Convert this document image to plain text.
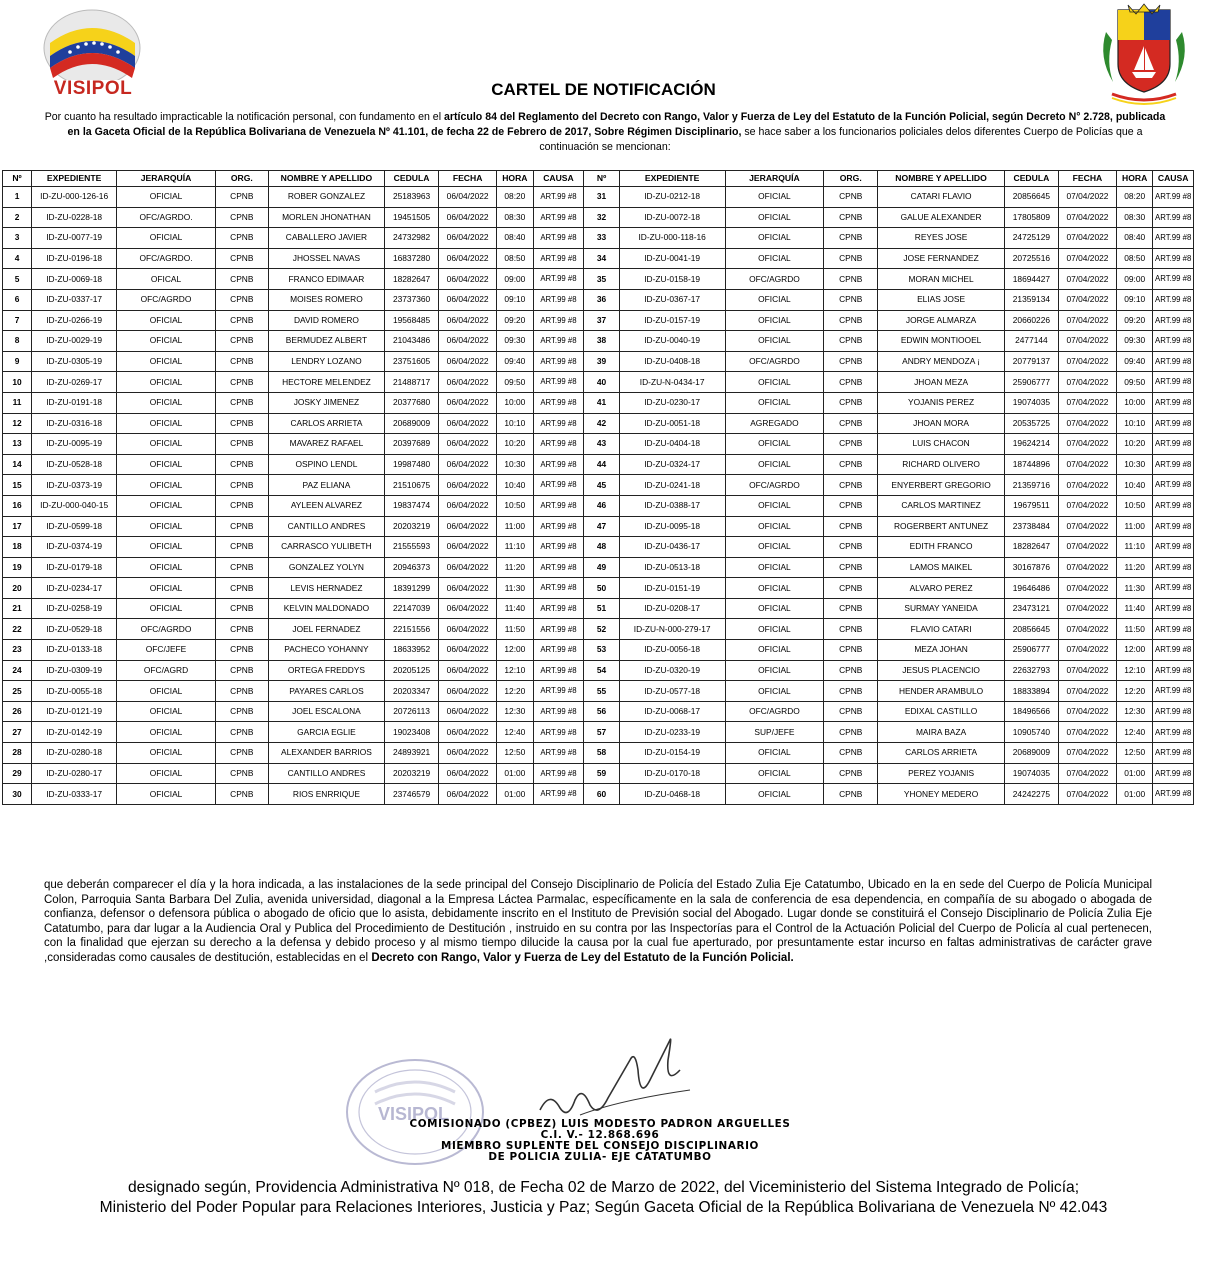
VISIPOL	CARTEL DE NOTIFICACIÓN
Por cuanto ha resultado impracticable la notificación personal, con fundamento en el artículo 84 del Reglamento del Decreto con Rango, Valor y Fuerza de Ley del Estatuto de la Función Policial, según Decreto N° 2.728, publicada en la Gaceta Oficial de la República Bolivariana de Venezuela Nº 41.101, de fecha 22 de Febrero de 2017, Sobre Régimen Disciplinario, se hace saber a los funcionarios policiales delos diferentes Cuerpo de Policías que a continuación se mencionan:
Nº	EXPEDIENTE	JERARQUÍA	ORG.	NOMBRE Y APELLIDO	CEDULA	FECHA	HORA	CAUSA	Nº	EXPEDIENTE	JERARQUÍA	ORG.	NOMBRE Y APELLIDO	CEDULA	FECHA	HORA	CAUSA
1	ID-ZU-000-126-16	OFICIAL	CPNB	ROBER GONZALEZ	25183963	06/04/2022	08:20	ART.99 #8	31	ID-ZU-0212-18	OFICIAL	CPNB	CATARI FLAVIO	20856645	07/04/2022	08:20	ART.99 #8
2	ID-ZU-0228-18	OFC/AGRDO.	CPNB	MORLEN JHONATHAN	19451505	06/04/2022	08:30	ART.99 #8	32	ID-ZU-0072-18	OFICIAL	CPNB	GALUE ALEXANDER	17805809	07/04/2022	08:30	ART.99 #8
3	ID-ZU-0077-19	OFICIAL	CPNB	CABALLERO JAVIER	24732982	06/04/2022	08:40	ART.99 #8	33	ID-ZU-000-118-16	OFICIAL	CPNB	REYES JOSE	24725129	07/04/2022	08:40	ART.99 #8
4	ID-ZU-0196-18	OFC/AGRDO.	CPNB	JHOSSEL NAVAS	16837280	06/04/2022	08:50	ART.99 #8	34	ID-ZU-0041-19	OFICIAL	CPNB	JOSE FERNANDEZ	20725516	07/04/2022	08:50	ART.99 #8
5	ID-ZU-0069-18	OFICAL	CPNB	FRANCO EDIMAAR	18282647	06/04/2022	09:00	ART.99 #8	35	ID-ZU-0158-19	OFC/AGRDO	CPNB	MORAN MICHEL	18694427	07/04/2022	09:00	ART.99 #8
6	ID-ZU-0337-17	OFC/AGRDO	CPNB	MOISES ROMERO	23737360	06/04/2022	09:10	ART.99 #8	36	ID-ZU-0367-17	OFICIAL	CPNB	ELIAS JOSE	21359134	07/04/2022	09:10	ART.99 #8
7	ID-ZU-0266-19	OFICIAL	CPNB	DAVID ROMERO	19568485	06/04/2022	09:20	ART.99 #8	37	ID-ZU-0157-19	OFICIAL	CPNB	JORGE ALMARZA	20660226	07/04/2022	09:20	ART.99 #8
8	ID-ZU-0029-19	OFICIAL	CPNB	BERMUDEZ ALBERT	21043486	06/04/2022	09:30	ART.99 #8	38	ID-ZU-0040-19	OFICIAL	CPNB	EDWIN MONTIOOEL	2477144	07/04/2022	09:30	ART.99 #8
9	ID-ZU-0305-19	OFICIAL	CPNB	LENDRY LOZANO	23751605	06/04/2022	09:40	ART.99 #8	39	ID-ZU-0408-18	OFC/AGRDO	CPNB	ANDRY MENDOZA ¡	20779137	07/04/2022	09:40	ART.99 #8
10	ID-ZU-0269-17	OFICIAL	CPNB	HECTORE MELENDEZ	21488717	06/04/2022	09:50	ART.99 #8	40	ID-ZU-N-0434-17	OFICIAL	CPNB	JHOAN MEZA	25906777	07/04/2022	09:50	ART.99 #8
11	ID-ZU-0191-18	OFICIAL	CPNB	JOSKY JIMENEZ	20377680	06/04/2022	10:00	ART.99 #8	41	ID-ZU-0230-17	OFICIAL	CPNB	YOJANIS PEREZ	19074035	07/04/2022	10:00	ART.99 #8
12	ID-ZU-0316-18	OFICIAL	CPNB	CARLOS ARRIETA	20689009	06/04/2022	10:10	ART.99 #8	42	ID-ZU-0051-18	AGREGADO	CPNB	JHOAN MORA	20535725	07/04/2022	10:10	ART.99 #8
13	ID-ZU-0095-19	OFICIAL	CPNB	MAVAREZ RAFAEL	20397689	06/04/2022	10:20	ART.99 #8	43	ID-ZU-0404-18	OFICIAL	CPNB	LUIS CHACON	19624214	07/04/2022	10:20	ART.99 #8
14	ID-ZU-0528-18	OFICIAL	CPNB	OSPINO LENDL	19987480	06/04/2022	10:30	ART.99 #8	44	ID-ZU-0324-17	OFICIAL	CPNB	RICHARD OLIVERO	18744896	07/04/2022	10:30	ART.99 #8
15	ID-ZU-0373-19	OFICIAL	CPNB	PAZ ELIANA	21510675	06/04/2022	10:40	ART.99 #8	45	ID-ZU-0241-18	OFC/AGRDO	CPNB	ENYERBERT GREGORIO	21359716	07/04/2022	10:40	ART.99 #8
16	ID-ZU-000-040-15	OFICIAL	CPNB	AYLEEN ALVAREZ	19837474	06/04/2022	10:50	ART.99 #8	46	ID-ZU-0388-17	OFICIAL	CPNB	CARLOS MARTINEZ	19679511	07/04/2022	10:50	ART.99 #8
17	ID-ZU-0599-18	OFICIAL	CPNB	CANTILLO ANDRES	20203219	06/04/2022	11:00	ART.99 #8	47	ID-ZU-0095-18	OFICIAL	CPNB	ROGERBERT ANTUNEZ	23738484	07/04/2022	11:00	ART.99 #8
18	ID-ZU-0374-19	OFICIAL	CPNB	CARRASCO YULIBETH	21555593	06/04/2022	11:10	ART.99 #8	48	ID-ZU-0436-17	OFICIAL	CPNB	EDITH FRANCO	18282647	07/04/2022	11:10	ART.99 #8
19	ID-ZU-0179-18	OFICIAL	CPNB	GONZALEZ YOLYN	20946373	06/04/2022	11:20	ART.99 #8	49	ID-ZU-0513-18	OFICIAL	CPNB	LAMOS MAIKEL	30167876	07/04/2022	11:20	ART.99 #8
20	ID-ZU-0234-17	OFICIAL	CPNB	LEVIS HERNADEZ	18391299	06/04/2022	11:30	ART.99 #8	50	ID-ZU-0151-19	OFICIAL	CPNB	ALVARO PEREZ	19646486	07/04/2022	11:30	ART.99 #8
21	ID-ZU-0258-19	OFICIAL	CPNB	KELVIN MALDONADO	22147039	06/04/2022	11:40	ART.99 #8	51	ID-ZU-0208-17	OFICIAL	CPNB	SURMAY YANEIDA	23473121	07/04/2022	11:40	ART.99 #8
22	ID-ZU-0529-18	OFC/AGRDO	CPNB	JOEL FERNADEZ	22151556	06/04/2022	11:50	ART.99 #8	52	ID-ZU-N-000-279-17	OFICIAL	CPNB	FLAVIO CATARI	20856645	07/04/2022	11:50	ART.99 #8
23	ID-ZU-0133-18	OFC/JEFE	CPNB	PACHECO YOHANNY	18633952	06/04/2022	12:00	ART.99 #8	53	ID-ZU-0056-18	OFICIAL	CPNB	MEZA JOHAN	25906777	07/04/2022	12:00	ART.99 #8
24	ID-ZU-0309-19	OFC/AGRD	CPNB	ORTEGA FREDDYS	20205125	06/04/2022	12:10	ART.99 #8	54	ID-ZU-0320-19	OFICIAL	CPNB	JESUS PLACENCIO	22632793	07/04/2022	12:10	ART.99 #8
25	ID-ZU-0055-18	OFICIAL	CPNB	PAYARES CARLOS	20203347	06/04/2022	12:20	ART.99 #8	55	ID-ZU-0577-18	OFICIAL	CPNB	HENDER ARAMBULO	18833894	07/04/2022	12:20	ART.99 #8
26	ID-ZU-0121-19	OFICIAL	CPNB	JOEL ESCALONA	20726113	06/04/2022	12:30	ART.99 #8	56	ID-ZU-0068-17	OFC/AGRDO	CPNB	EDIXAL CASTILLO	18496566	07/04/2022	12:30	ART.99 #8
27	ID-ZU-0142-19	OFICIAL	CPNB	GARCIA EGLIE	19023408	06/04/2022	12:40	ART.99 #8	57	ID-ZU-0233-19	SUP/JEFE	CPNB	MAIRA BAZA	10905740	07/04/2022	12:40	ART.99 #8
28	ID-ZU-0280-18	OFICIAL	CPNB	ALEXANDER BARRIOS	24893921	06/04/2022	12:50	ART.99 #8	58	ID-ZU-0154-19	OFICIAL	CPNB	CARLOS ARRIETA	20689009	07/04/2022	12:50	ART.99 #8
29	ID-ZU-0280-17	OFICIAL	CPNB	CANTILLO ANDRES	20203219	06/04/2022	01:00	ART.99 #8	59	ID-ZU-0170-18	OFICIAL	CPNB	PEREZ YOJANIS	19074035	07/04/2022	01:00	ART.99 #8
30	ID-ZU-0333-17	OFICIAL	CPNB	RIOS ENRRIQUE	23746579	06/04/2022	01:00	ART.99 #8	60	ID-ZU-0468-18	OFICIAL	CPNB	YHONEY MEDERO	24242275	07/04/2022	01:00	ART.99 #8
que deberán comparecer el día y la hora indicada, a las instalaciones de la sede principal del Consejo Disciplinario de Policía del Estado Zulia Eje Catatumbo, Ubicado en la en sede del Cuerpo de Policía Municipal Colon, Parroquia Santa Barbara Del Zulia, avenida universidad, diagonal a la Empresa Láctea Parmalac, específicamente en la sala de conferencia de esa dependencia, en compañía de su abogado o abogada de confianza, defensor o defensora pública o abogado de oficio que lo asista, debidamente inscrito en el Instituto de Previsión social del Abogado. Lugar donde se constituirá el Consejo Disciplinario de Policía Zulia Eje Catatumbo, para dar lugar a la Audiencia Oral y Publica del Procedimiento de Destitución , instruido en su contra por las Inspectorías para el Control de la Actuación Policial del Cuerpo de Policía al cual pertenecen, con la finalidad que ejerzan su derecho a la defensa y debido proceso y al mismo tiempo dilucide la causa por la cual fue aperturado, por presuntamente estar incurso en faltas administrativas de carácter grave ,consideradas como causales de destitución, establecidas en el Decreto con Rango, Valor y Fuerza de Ley del Estatuto de la Función Policial.
VISIPOL
COMISIONADO (CPBEZ) LUIS MODESTO PADRON ARGUELLES
C.I. V.- 12.868.696
MIEMBRO SUPLENTE DEL CONSEJO DISCIPLINARIO
DE POLICIA ZULIA- EJE CATATUMBO
designado según, Providencia Administrativa Nº 018, de Fecha 02 de Marzo de 2022, del Viceministerio del Sistema Integrado de Policía;
Ministerio del Poder Popular para Relaciones Interiores, Justicia y Paz; Según Gaceta Oficial de la República Bolivariana de Venezuela Nº 42.043
